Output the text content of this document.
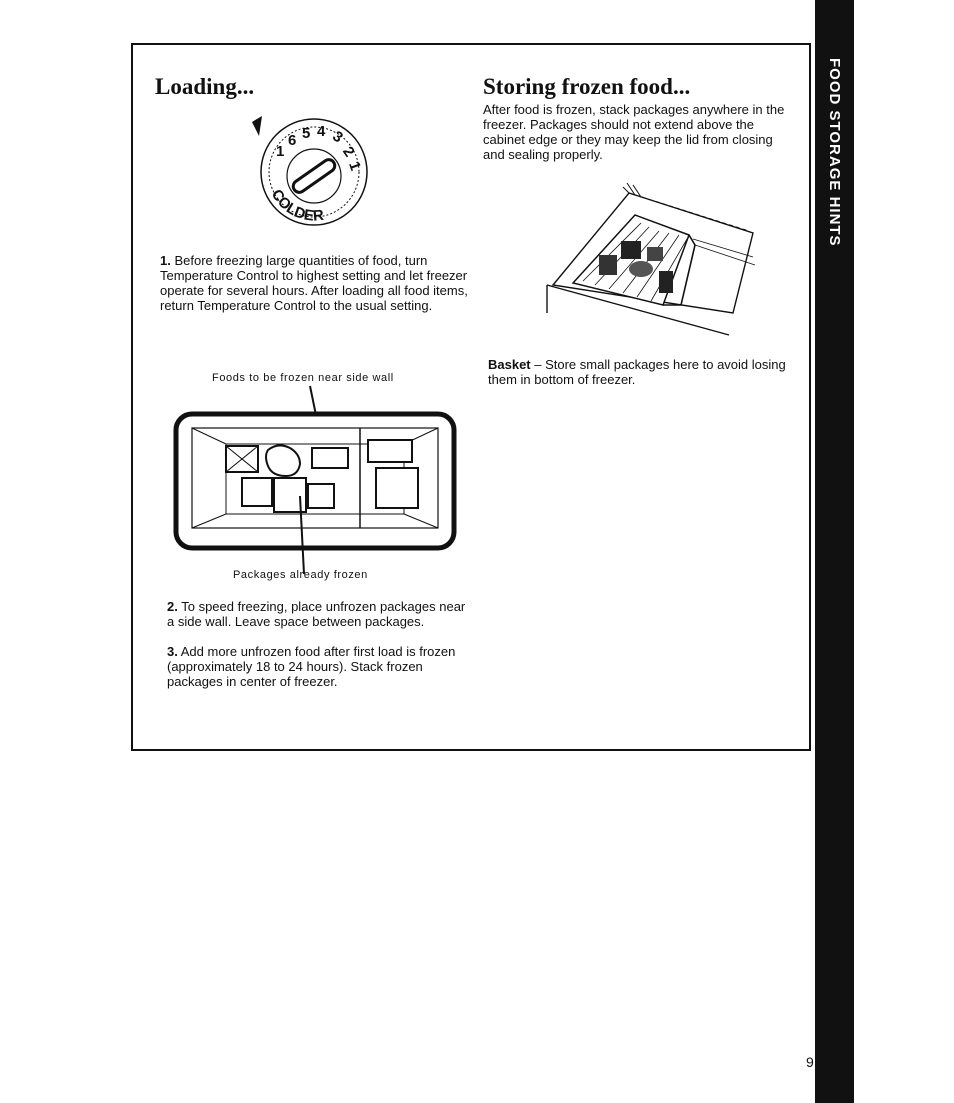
FOOD STORAGE HINTS
Loading...
1
6 5 4 3
2
1
COLDER

1. Before freezing large quantities of food, turn Temperature Control to highest setting and let freezer operate for several hours. After loading all food items, return Temperature Control to the usual setting.

Foods to be frozen near side wall

Packages already frozen

2. To speed freezing, place unfrozen packages near a side wall. Leave space between packages.

3. Add more unfrozen food after first load is frozen (approximately 18 to 24 hours). Stack frozen packages in center of freezer.

Storing frozen food...

After food is frozen, stack packages anywhere in the freezer. Packages should not extend above the cabinet edge or they may keep the lid from closing and sealing properly.

Basket – Store small packages here to avoid losing them in bottom of freezer.

9
